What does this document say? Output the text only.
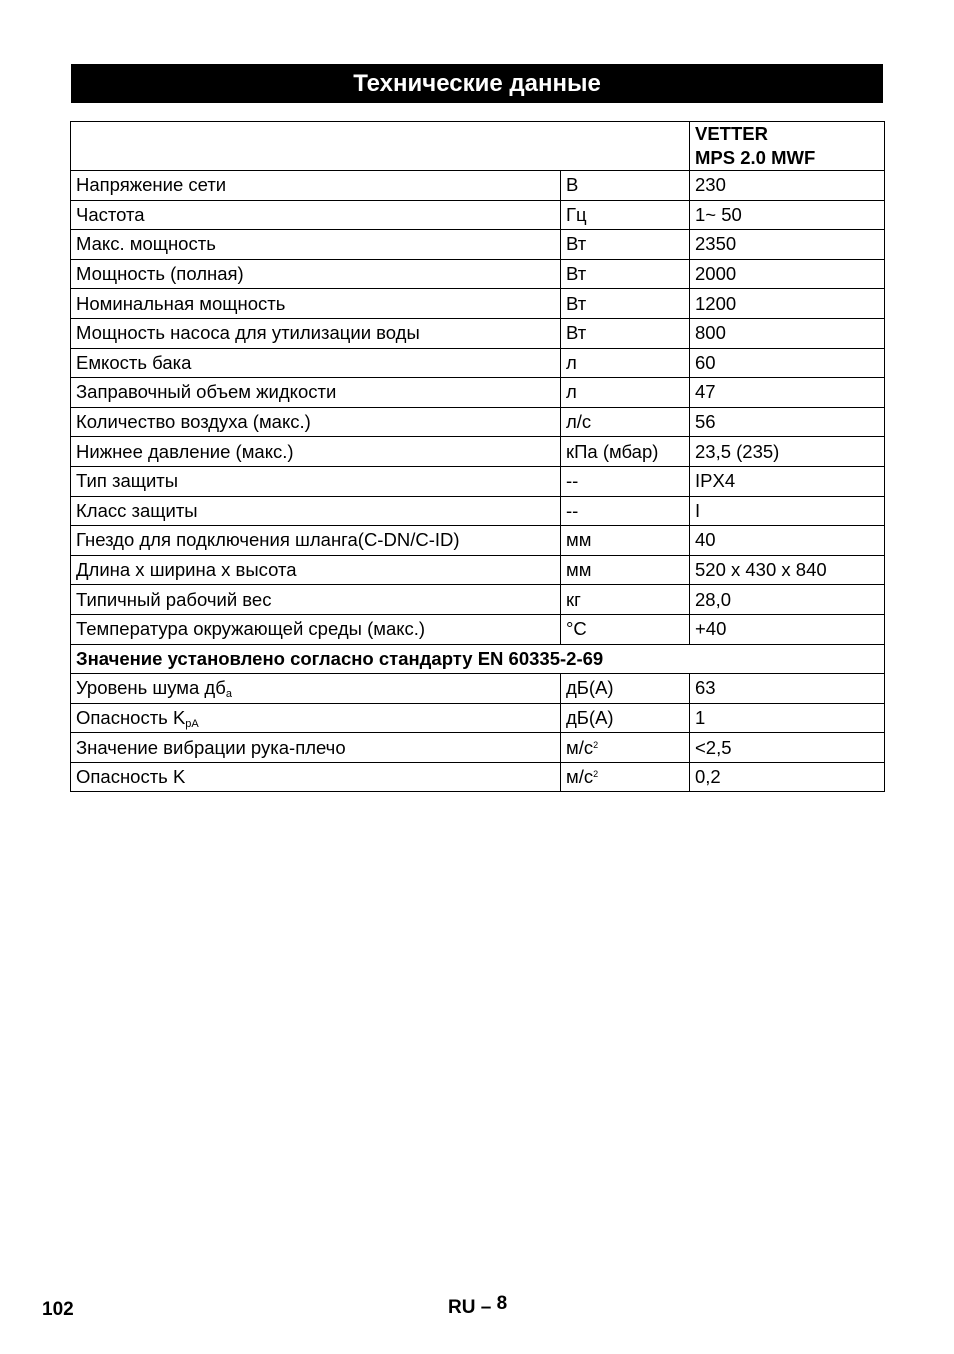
Технические данные

		VETTER
MPS 2.0 MWF

Напряжение сети	В	230
Частота	Гц	1~ 50
Макс. мощность	Вт	2350
Мощность (полная)	Вт	2000
Номинальная мощность	Вт	1200
Мощность насоса для утилизации воды	Вт	800
Емкость бака	л	60
Заправочный объем жидкости	л	47
Количество воздуха (макс.)	л/с	56
Нижнее давление (макс.)	кПа (мбар)	23,5 (235)
Тип защиты	--	IPX4
Класс защиты	--	I
Гнездо для подключения шланга(C-DN/C-ID)	мм	40
Длина x ширина x высота	мм	520 x 430 x 840
Типичный рабочий вес	кг	28,0
Температура окружающей среды (макс.)	°C	+40
Значение установлено согласно стандарту EN 60335-2-69		
Уровень шума $дб_a$	дБ(A)	63
Опасность $K_{pA}$	дБ(A)	1
Значение вибрации рука-плечо	$м/с^2$	<2,5
Опасность K	$м/с^2$	0,2
102	RU – 8
